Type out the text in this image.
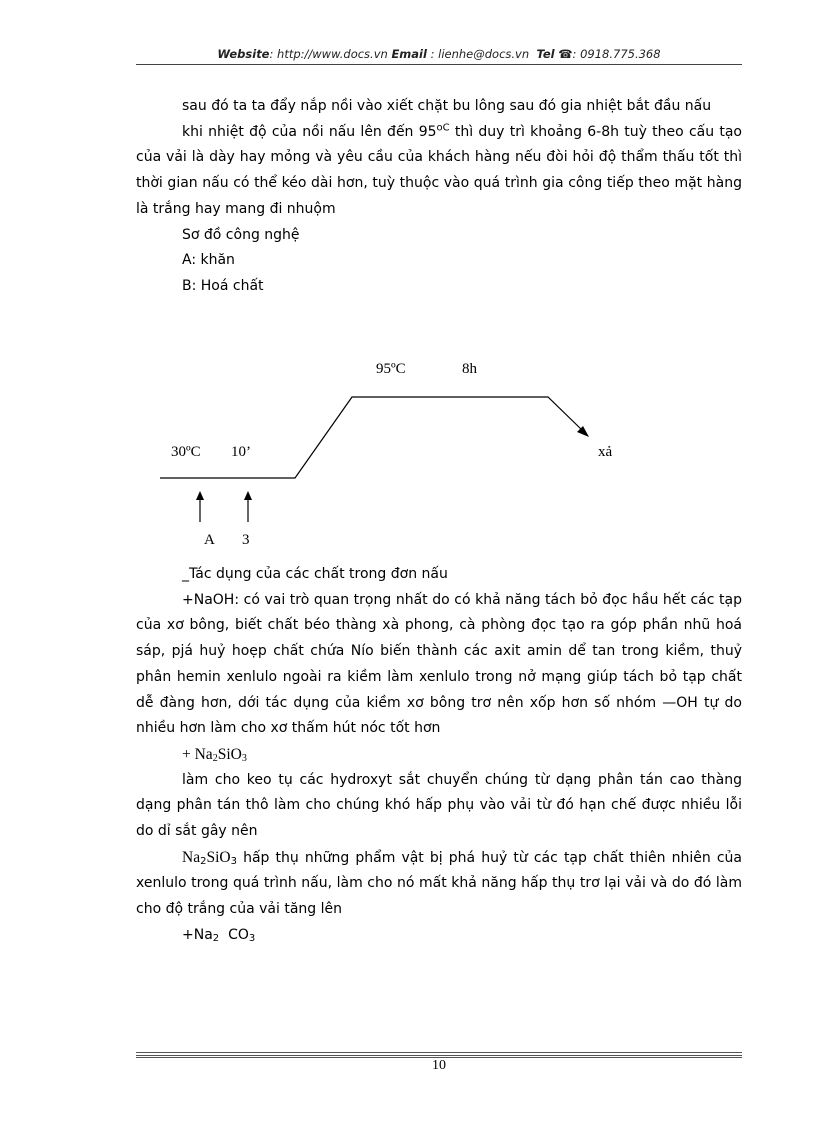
Website: http://www.docs.vn Email : lienhe@docs.vn Tel ☎: 0918.775.368

sau đó ta ta đẩy nắp nồi vào xiết chặt bu lông sau đó gia nhiệt bắt đầu nấu

khi nhiệt độ của nồi nấu lên đến $95^{oC}$ thì duy trì khoảng 6-8h tuỳ theo cấu tạo của vải là dày hay mỏng và yêu cầu của khách hàng nếu đòi hỏi độ thẩm thấu tốt thì thời gian nấu có thể kéo dài hơn, tuỳ thuộc vào quá trình gia công tiếp theo mặt hàng là trắng hay mang đi nhuộm

Sơ đồ công nghệ

A: khăn

B: Hoá chất

95ºC	8h
30ºC 10’	xả
A 3

_Tác dụng của các chất trong đơn nấu

+NaOH: có vai trò quan trọng nhất do có khả năng tách bỏ đọc hầu hết các tạp của xơ bông, biết chất béo thàng xà phong, cà phòng đọc tạo ra góp phần nhũ hoá sáp, pjá huỷ hoẹp chất chứa Nío biến thành các axit amin dể tan trong kiềm, thuỷ phân hemin xenlulo ngoài ra kiềm làm xenlulo trong nở mạng giúp tách bỏ tạp chất dễ đàng hơn, dới tác dụng của kiềm xơ bông trơ nên xốp hơn số nhóm —OH tự do nhiều hơn làm cho xơ thấm hút nóc tốt hơn

+ $Na_2SiO_3$

làm cho keo tụ các hydroxyt sắt chuyển chúng từ dạng phân tán cao thàng dạng phân tán thô làm cho chúng khó hấp phụ vào vải từ đó hạn chế được nhiều lỗi do dỉ sắt gây nên

$Na_2SiO_3$ hấp thụ những phẩm vật bị phá huỷ từ các tạp chất thiên nhiên của xenlulo trong quá trình nấu, làm cho nó mất khả năng hấp thụ trơ lại vải và do đó làm cho độ trắng của vải tăng lên

$+Na_2$  $CO_3$

10
